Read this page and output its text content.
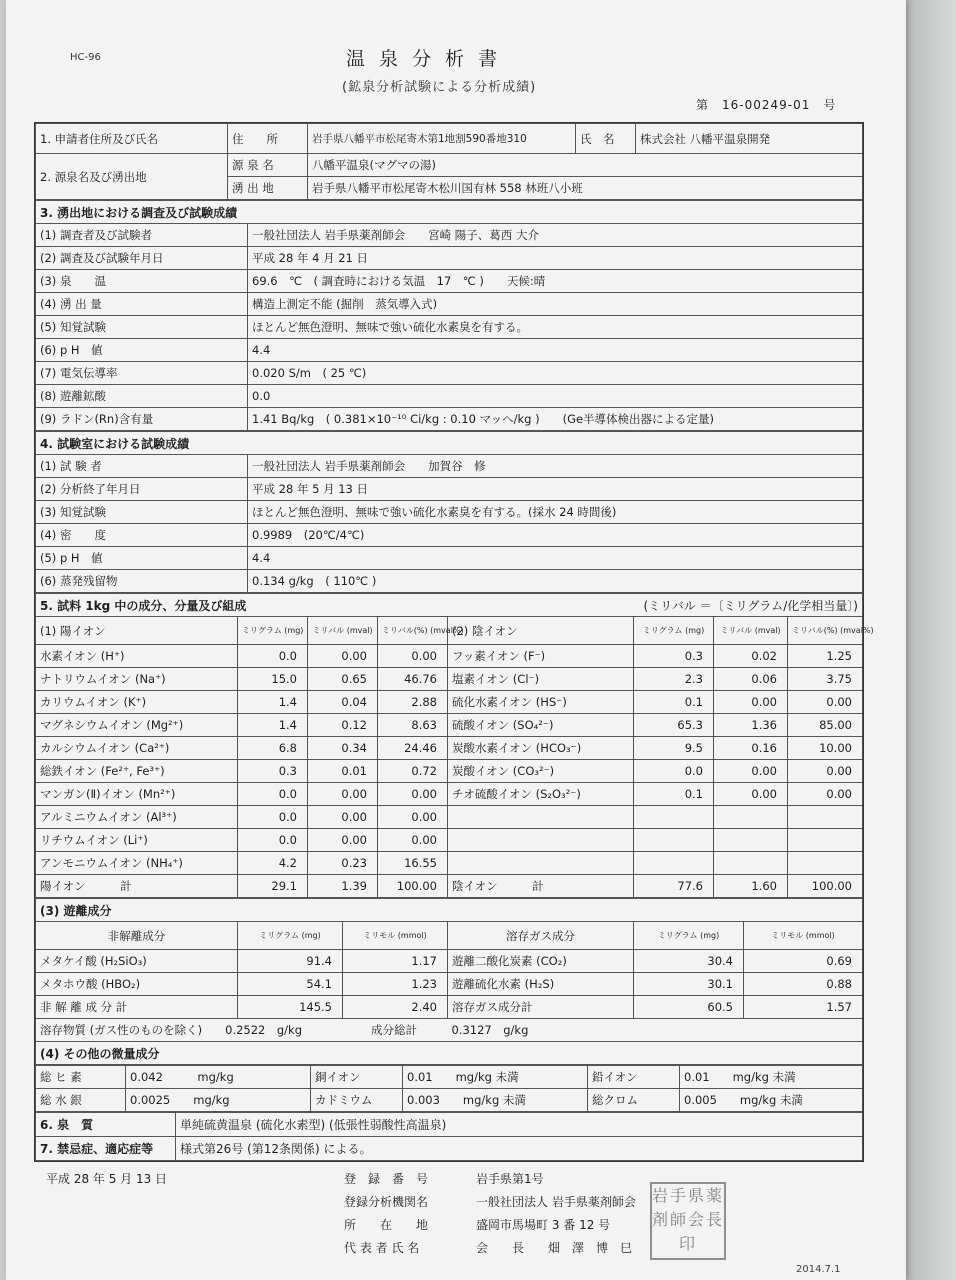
HC-96	温泉分析書
(鉱泉分析試験による分析成績)
第　16-00249-01　号
1. 申請者住所及び氏名	住　　所	岩手県八幡平市松尾寄木第1地割590番地310	氏　名	株式会社 八幡平温泉開発
2. 源泉名及び湧出地	源 泉 名	八幡平温泉(マグマの湯)		
	湧 出 地	岩手県八幡平市松尾寄木松川国有林 558 林班八小班		
3. 湧出地における調査及び試験成績	
(1) 調査者及び試験者	一般社団法人 岩手県薬剤師会　　宮崎 陽子、葛西 大介
(2) 調査及び試験年月日	平成 28 年 4 月 21 日
(3) 泉　　温	69.6　℃　( 調査時における気温　17　℃ )　　天候:晴
(4) 湧 出 量	構造上測定不能 (掘削　蒸気導入式)
(5) 知覚試験	ほとんど無色澄明、無味で強い硫化水素臭を有する。
(6) p H　値	4.4
(7) 電気伝導率	0.020 S/m　( 25 ℃)
(8) 遊離鉱酸	0.0
(9) ラドン(Rn)含有量	1.41 Bq/kg　( 0.381×10⁻¹⁰ Ci/kg : 0.10 マッヘ/kg )　　(Ge半導体検出器による定量)
4. 試験室における試験成績	
(1) 試 験 者	一般社団法人 岩手県薬剤師会　　加賀谷　修
(2) 分析終了年月日	平成 28 年 5 月 13 日
(3) 知覚試験	ほとんど無色澄明、無味で強い硫化水素臭を有する。(採水 24 時間後)
(4) 密　　度	0.9989　(20℃/4℃)
(5) p H　値	4.4
(6) 蒸発残留物	0.134 g/kg　( 110℃ )
5. 試料 1kg 中の成分、分量及び組成				(ミリバル ＝〔ミリグラム/化学相当量〕)			
(1) 陽イオン	ミリグラム (mg)	ミリバル (mval)	ミリバル(%) (mval%)	(2) 陰イオン	ミリグラム (mg)	ミリバル (mval)	ミリバル(%) (mval%)
水素イオン (H⁺)	0.0	0.00	0.00	フッ素イオン (F⁻)	0.3	0.02	1.25
ナトリウムイオン (Na⁺)	15.0	0.65	46.76	塩素イオン (Cl⁻)	2.3	0.06	3.75
カリウムイオン (K⁺)	1.4	0.04	2.88	硫化水素イオン (HS⁻)	0.1	0.00	0.00
マグネシウムイオン (Mg²⁺)	1.4	0.12	8.63	硫酸イオン (SO₄²⁻)	65.3	1.36	85.00
カルシウムイオン (Ca²⁺)	6.8	0.34	24.46	炭酸水素イオン (HCO₃⁻)	9.5	0.16	10.00
総鉄イオン (Fe²⁺, Fe³⁺)	0.3	0.01	0.72	炭酸イオン (CO₃²⁻)	0.0	0.00	0.00
マンガン(Ⅱ)イオン (Mn²⁺)	0.0	0.00	0.00	チオ硫酸イオン (S₂O₃²⁻)	0.1	0.00	0.00
アルミニウムイオン (Al³⁺)	0.0	0.00	0.00				
リチウムイオン (Li⁺)	0.0	0.00	0.00				
アンモニウムイオン (NH₄⁺)	4.2	0.23	16.55				
陽イオン　　　計	29.1	1.39	100.00	陰イオン　　　計	77.6	1.60	100.00
(3) 遊離成分					
非解離成分	ミリグラム (mg)	ミリモル (mmol)	溶存ガス成分	ミリグラム (mg)	ミリモル (mmol)
メタケイ酸 (H₂SiO₃)	91.4	1.17	遊離二酸化炭素 (CO₂)	30.4	0.69
メタホウ酸 (HBO₂)	54.1	1.23	遊離硫化水素 (H₂S)	30.1	0.88
非 解 離 成 分 計	145.5	2.40	溶存ガス成分計	60.5	1.57
溶存物質 (ガス性のものを除く)　　0.2522　g/kg　　　　　　成分総計　　　0.3127　g/kg					
(4) その他の微量成分					
総 ヒ 素	0.042　　　mg/kg	銅イオン	0.01　　mg/kg 未満	鉛イオン	0.01　　mg/kg 未満
総 水 銀	0.0025　　mg/kg	カドミウム	0.003　　mg/kg 未満	総クロム	0.005　　mg/kg 未満
6. 泉　質	単純硫黄温泉 (硫化水素型) (低張性弱酸性高温泉)
7. 禁忌症、適応症等	様式第26号 (第12条関係) による。
平成 28 年 5 月 13 日	登　録　番　号	岩手県第1号
登録分析機関名	一般社団法人 岩手県薬剤師会
所　　在　　地	盛岡市馬場町 3 番 12 号
代 表 者 氏 名	会　　長　　畑　澤　博　巳
岩手県薬剤師会長印
2014.7.1
